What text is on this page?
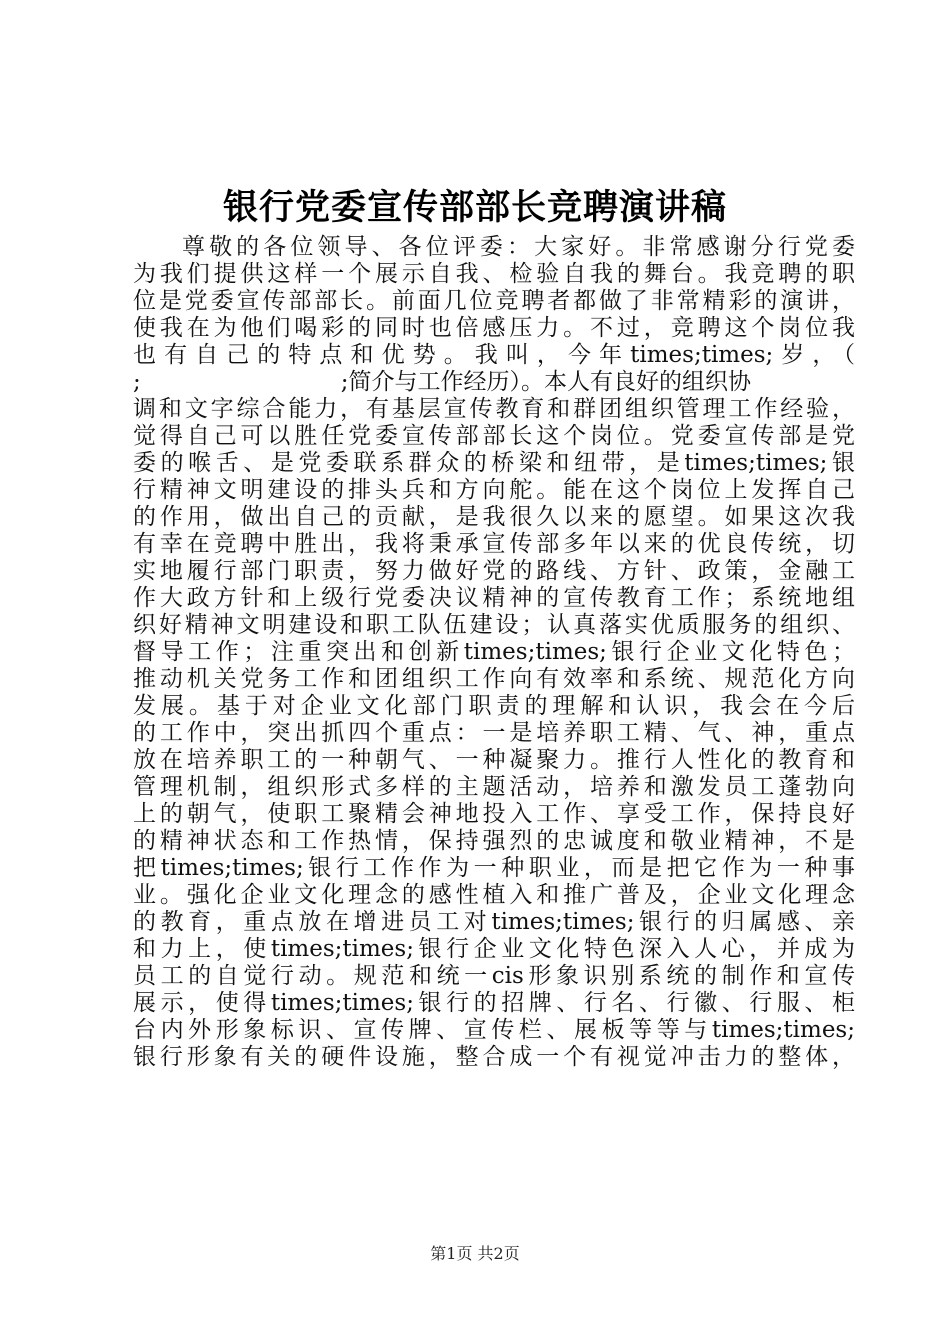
银行党委宣传部部长竞聘演讲稿
尊敬的各位领导、各位评委：大家好。非常感谢分行党委
为我们提供这样一个展示自我、检验自我的舞台。我竞聘的职
位是党委宣传部部长。前面几位竞聘者都做了非常精彩的演讲，
使我在为他们喝彩的同时也倍感压力。不过，竞聘这个岗位我
也有自己的特点和优势。我叫，今年times;times;岁，（
;	;简介与工作经历）。本人有良好的组织协
调和文字综合能力，有基层宣传教育和群团组织管理工作经验，
觉得自己可以胜任党委宣传部部长这个岗位。党委宣传部是党
委的喉舌、是党委联系群众的桥梁和纽带，是times;times;银
行精神文明建设的排头兵和方向舵。能在这个岗位上发挥自己
的作用，做出自己的贡献，是我很久以来的愿望。如果这次我
有幸在竞聘中胜出，我将秉承宣传部多年以来的优良传统，切
实地履行部门职责，努力做好党的路线、方针、政策，金融工
作大政方针和上级行党委决议精神的宣传教育工作；系统地组
织好精神文明建设和职工队伍建设；认真落实优质服务的组织、
督导工作；注重突出和创新times;times;银行企业文化特色；
推动机关党务工作和团组织工作向有效率和系统、规范化方向
发展。基于对企业文化部门职责的理解和认识，我会在今后
的工作中，突出抓四个重点：一是培养职工精、气、神，重点
放在培养职工的一种朝气、一种凝聚力。推行人性化的教育和
管理机制，组织形式多样的主题活动，培养和激发员工蓬勃向
上的朝气，使职工聚精会神地投入工作、享受工作，保持良好
的精神状态和工作热情，保持强烈的忠诚度和敬业精神，不是
把times;times;银行工作作为一种职业，而是把它作为一种事
业。强化企业文化理念的感性植入和推广普及，企业文化理念
的教育，重点放在增进员工对times;times;银行的归属感、亲
和力上，使times;times;银行企业文化特色深入人心，并成为
员工的自觉行动。规范和统一cis形象识别系统的制作和宣传
展示，使得times;times;银行的招牌、行名、行徽、行服、柜
台内外形象标识、宣传牌、宣传栏、展板等等与times;times;
银行形象有关的硬件设施，整合成一个有视觉冲击力的整体，
第1页 共2页
